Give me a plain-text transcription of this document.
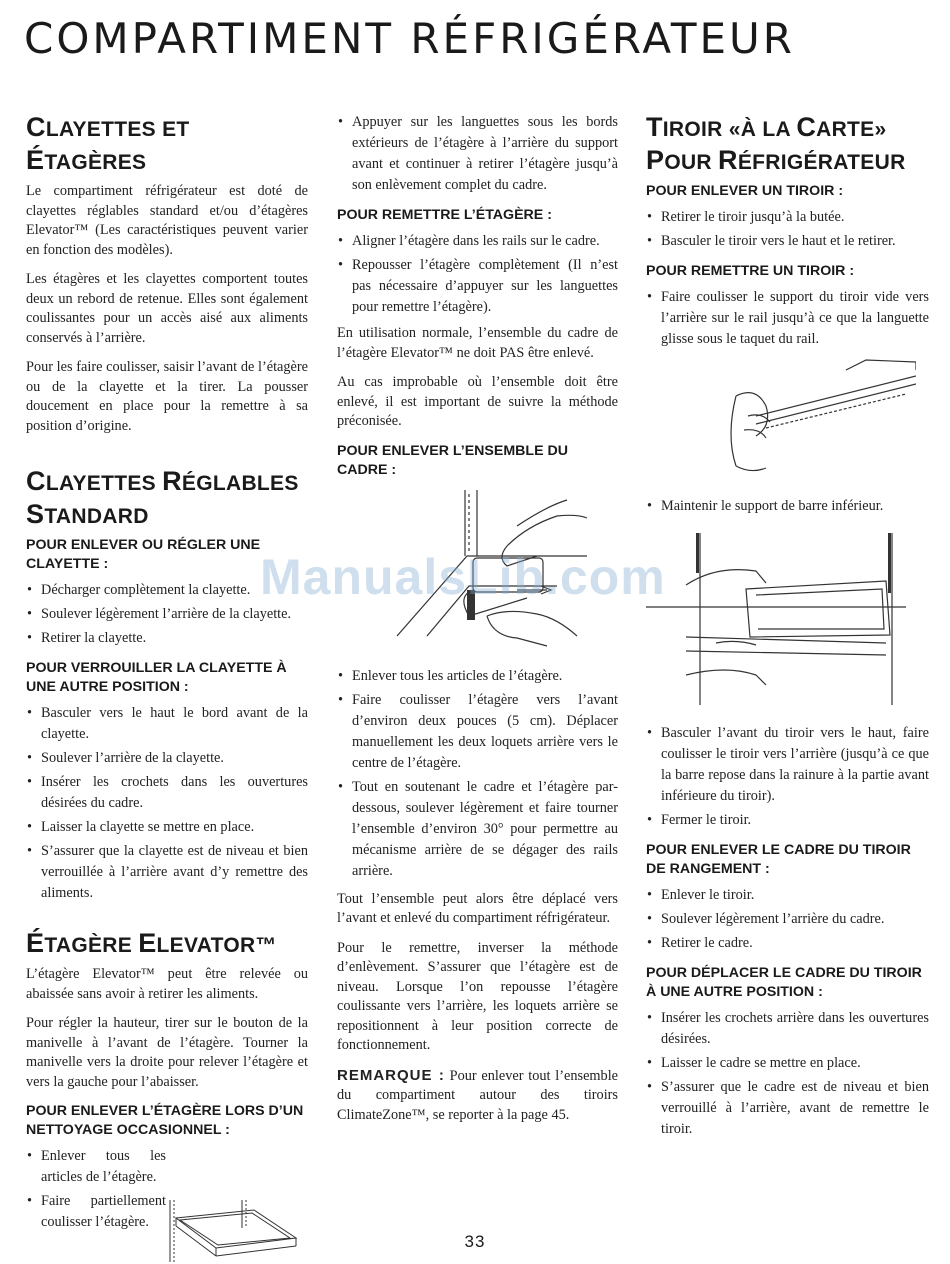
COMPARTIMENT RÉFRIGÉRATEUR
CLAYETTES ET ÉTAGÈRES

Le compartiment réfrigérateur est doté de clayettes réglables standard et/ou d’étagères Elevator™ (Les caractéristiques peuvent varier en fonction des modèles).

Les étagères et les clayettes comportent toutes deux un rebord de retenue. Elles sont également coulissantes pour un accès aisé aux aliments conservés à l’arrière.

Pour les faire coulisser, saisir l’avant de l’étagère ou de la clayette et la tirer. La pousser doucement en place pour la remettre à sa position d’origine.

CLAYETTES RÉGLABLES
STANDARD
POUR ENLEVER OU RÉGLER UNE CLAYETTE :
• Décharger complètement la clayette.
• Soulever légèrement l’arrière de la clayette.
• Retirer la clayette.
POUR VERROUILLER LA CLAYETTE À UNE AUTRE POSITION :
• Basculer vers le haut le bord avant de la clayette.
• Soulever l’arrière de la clayette.
• Insérer les crochets dans les ouvertures désirées du cadre.
• Laisser la clayette se mettre en place.
• S’assurer que la clayette est de niveau et bien verrouillée à l’arrière avant d’y remettre des aliments.
ÉTAGÈRE ELEVATOR™

L’étagère Elevator™ peut être relevée ou abaissée sans avoir à retirer les aliments.

Pour régler la hauteur, tirer sur le bouton de la manivelle à l’avant de l’étagère. Tourner la manivelle vers la droite pour relever l’étagère et vers la gauche pour l’abaisser.

POUR ENLEVER L’ÉTAGÈRE LORS D’UN NETTOYAGE OCCASIONNEL :
• Enlever tous les articles de l’étagère.
• Faire partiellement coulisser l’étagère.
• Appuyer sur les languettes sous les bords extérieurs de l’étagère à l’arrière du support avant et continuer à retirer l’étagère jusqu’à son enlèvement complet du cadre.
POUR REMETTRE L’ÉTAGÈRE :
• Aligner l’étagère dans les rails sur le cadre.
• Repousser l’étagère complètement (Il n’est pas nécessaire d’appuyer sur les languettes pour remettre l’étagère).

En utilisation normale, l’ensemble du cadre de l’étagère Elevator™ ne doit PAS être enlevé.

Au cas improbable où l’ensemble doit être enlevé, il est important de suivre la méthode préconisée.

POUR ENLEVER L’ENSEMBLE DU CADRE :
• Enlever tous les articles de l’étagère.
• Faire coulisser l’étagère vers l’avant d’environ deux pouces (5 cm). Déplacer manuellement les deux loquets arrière vers le centre de l’étagère.
• Tout en soutenant le cadre et l’étagère par-dessous, soulever légèrement et faire tourner l’ensemble d’environ 30° pour permettre au mécanisme arrière de se dégager des rails arrière.

Tout l’ensemble peut alors être déplacé vers l’avant et enlevé du compartiment réfrigérateur.

Pour le remettre, inverser la méthode d’enlèvement. S’assurer que l’étagère est de niveau. Lorsque l’on repousse l’étagère coulissante vers l’arrière, les loquets arrière se repositionnent à leur position correcte de fonctionnement.

REMARQUE : Pour enlever tout l’ensemble du compartiment autour des tiroirs ClimateZone™, se reporter à la page 45.

TIROIR «À LA CARTE»
POUR RÉFRIGÉRATEUR
POUR ENLEVER UN TIROIR :
• Retirer le tiroir jusqu’à la butée.
• Basculer le tiroir vers le haut et le retirer.
POUR REMETTRE UN TIROIR :
• Faire coulisser le support du tiroir vide vers l’arrière sur le rail jusqu’à ce que la languette glisse sous le taquet du rail.
• Maintenir le support de barre inférieur.
• Basculer l’avant du tiroir vers le haut, faire coulisser le tiroir vers l’arrière (jusqu’à ce que la barre repose dans la rainure à la partie avant inférieure du tiroir).
• Fermer le tiroir.
POUR ENLEVER LE CADRE DU TIROIR DE RANGEMENT :
• Enlever le tiroir.
• Soulever légèrement l’arrière du cadre.
• Retirer le cadre.
POUR DÉPLACER LE CADRE DU TIROIR À UNE AUTRE POSITION :
• Insérer les crochets arrière dans les ouvertures désirées.
• Laisser le cadre se mettre en place.
• S’assurer que le cadre est de niveau et bien verrouillé à l’arrière, avant de remettre le tiroir.
ManualsLib.com
33
